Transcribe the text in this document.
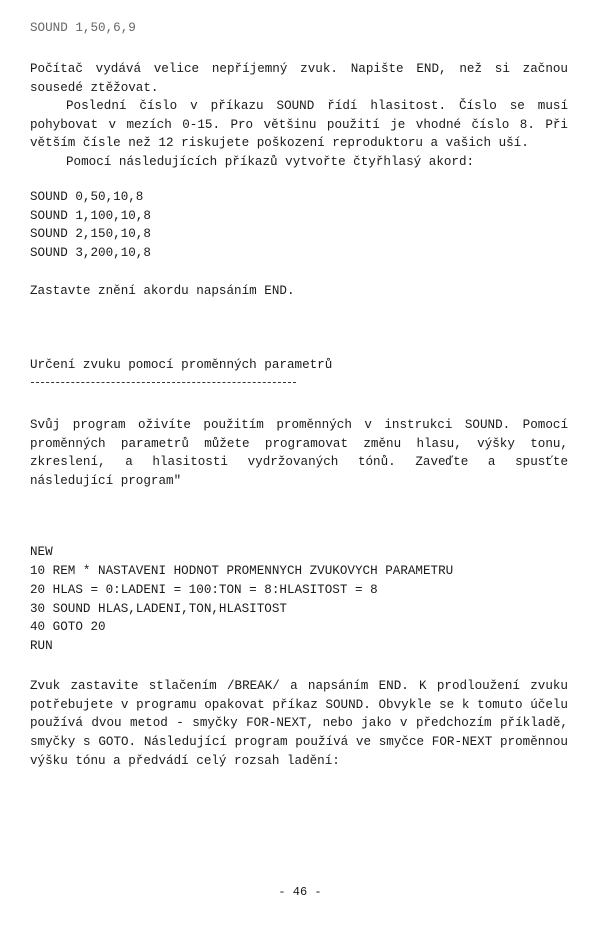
SOUND 1,50,6,9
Počítač vydává velice nepříjemný zvuk. Napište END, než si začnou sousedé ztěžovat.
Poslední číslo v příkazu SOUND řídí hlasitost. Číslo se musí pohybovat v mezích 0-15. Pro většinu použití je vhodné číslo 8. Při větším čísle než 12 riskujete poškození reproduktoru a vašich uší.
Pomocí následujících příkazů vytvořte čtyřhlasý akord:
SOUND 0,50,10,8
SOUND 1,100,10,8
SOUND 2,150,10,8
SOUND 3,200,10,8
Zastavte znění akordu napsáním END.
Určení zvuku pomocí proměnných parametrů
Svůj program oživíte použitím proměnných v instrukci SOUND. Pomocí proměnných parametrů můžete programovat změnu hlasu, výšky tonu, zkreslení, a hlasitosti vydržovaných tónů. Zaveďte a spusťte následující program"
NEW
10 REM * NASTAVENI HODNOT PROMENNYCH ZVUKOVYCH PARAMETRU
20 HLAS = 0:LADENI = 100:TON = 8:HLASITOST = 8
30 SOUND HLAS,LADENI,TON,HLASITOST
40 GOTO 20
RUN
Zvuk zastavite stlačením /BREAK/ a napsáním END. K prodloužení zvuku potřebujete v programu opakovat příkaz SOUND. Obvykle se k tomuto účelu používá dvou metod - smyčky FOR-NEXT, nebo jako v předchozím příkladě, smyčky s GOTO. Následující program používá ve smyčce FOR-NEXT proměnnou výšku tónu a předvádí celý rozsah ladění:
- 46 -
